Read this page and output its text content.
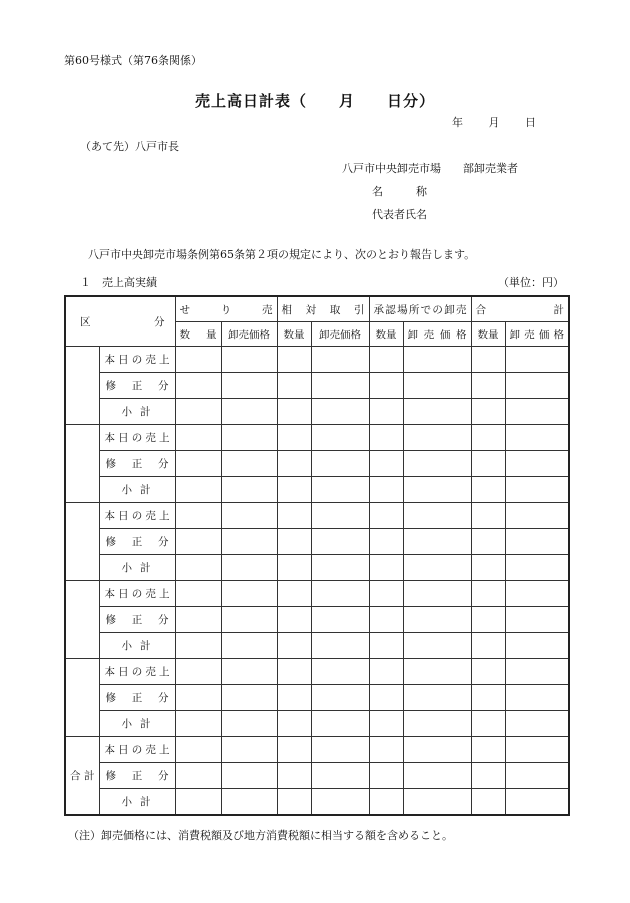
第60号様式（第76条関係）
売上高日計表（　　月　　日分）
年 月 日
（あて先）八戸市長
八戸市中央卸売市場　　部卸売業者
名　　　称
代表者氏名
八戸市中央卸売市場条例第65条第２項の規定により、次のとおり報告します。
１　売上高実績	（単位：円）
区分		せり売		相対取引		承認場所での卸売		合計	
		数量	卸売価格	数量	卸売価格	数量	卸売価格	数量	卸売価格
	本日の売上								
	修正分								
	小計								
	本日の売上								
	修正分								
	小計								
	本日の売上								
	修正分								
	小計								
	本日の売上								
	修正分								
	小計								
	本日の売上								
	修正分								
	小計								
合計	本日の売上								
	修正分								
	小計								
（注）卸売価格には、消費税額及び地方消費税額に相当する額を含めること。
